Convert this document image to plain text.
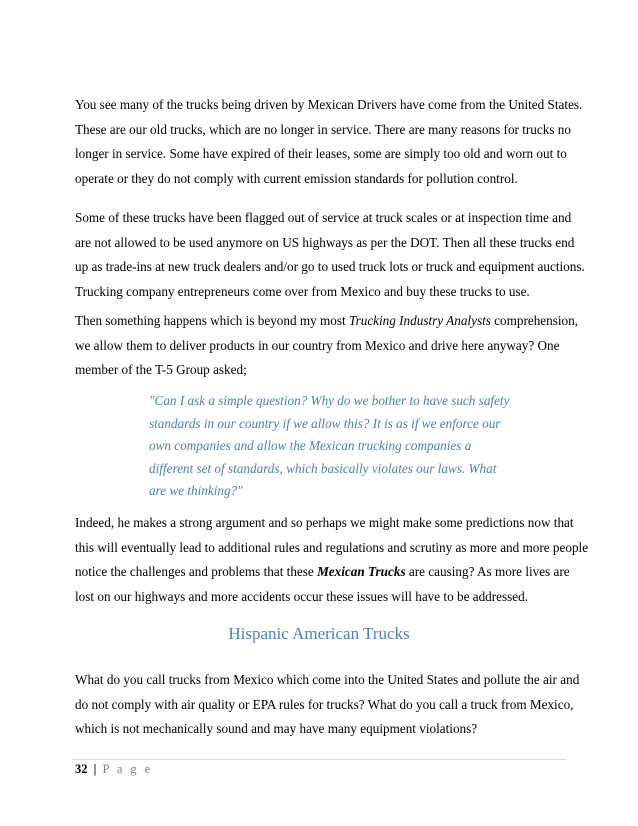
You see many of the trucks being driven by Mexican Drivers have come from the United States.
These are our old trucks, which are no longer in service. There are many reasons for trucks no
longer in service. Some have expired of their leases, some are simply too old and worn out to
operate or they do not comply with current emission standards for pollution control.

Some of these trucks have been flagged out of service at truck scales or at inspection time and
are not allowed to be used anymore on US highways as per the DOT. Then all these trucks end
up as trade-ins at new truck dealers and/or go to used truck lots or truck and equipment auctions.
Trucking company entrepreneurs come over from Mexico and buy these trucks to use.

Then something happens which is beyond my most Trucking Industry Analysts comprehension,
we allow them to deliver products in our country from Mexico and drive here anyway? One
member of the T-5 Group asked;

"Can I ask a simple question? Why do we bother to have such safety
standards in our country if we allow this? It is as if we enforce our
own companies and allow the Mexican trucking companies a
different set of standards, which basically violates our laws. What
are we thinking?"

Indeed, he makes a strong argument and so perhaps we might make some predictions now that
this will eventually lead to additional rules and regulations and scrutiny as more and more people
notice the challenges and problems that these Mexican Trucks are causing? As more lives are
lost on our highways and more accidents occur these issues will have to be addressed.

Hispanic American Trucks

What do you call trucks from Mexico which come into the United States and pollute the air and
do not comply with air quality or EPA rules for trucks? What do you call a truck from Mexico,
which is not mechanically sound and may have many equipment violations?

32 | P a g e
